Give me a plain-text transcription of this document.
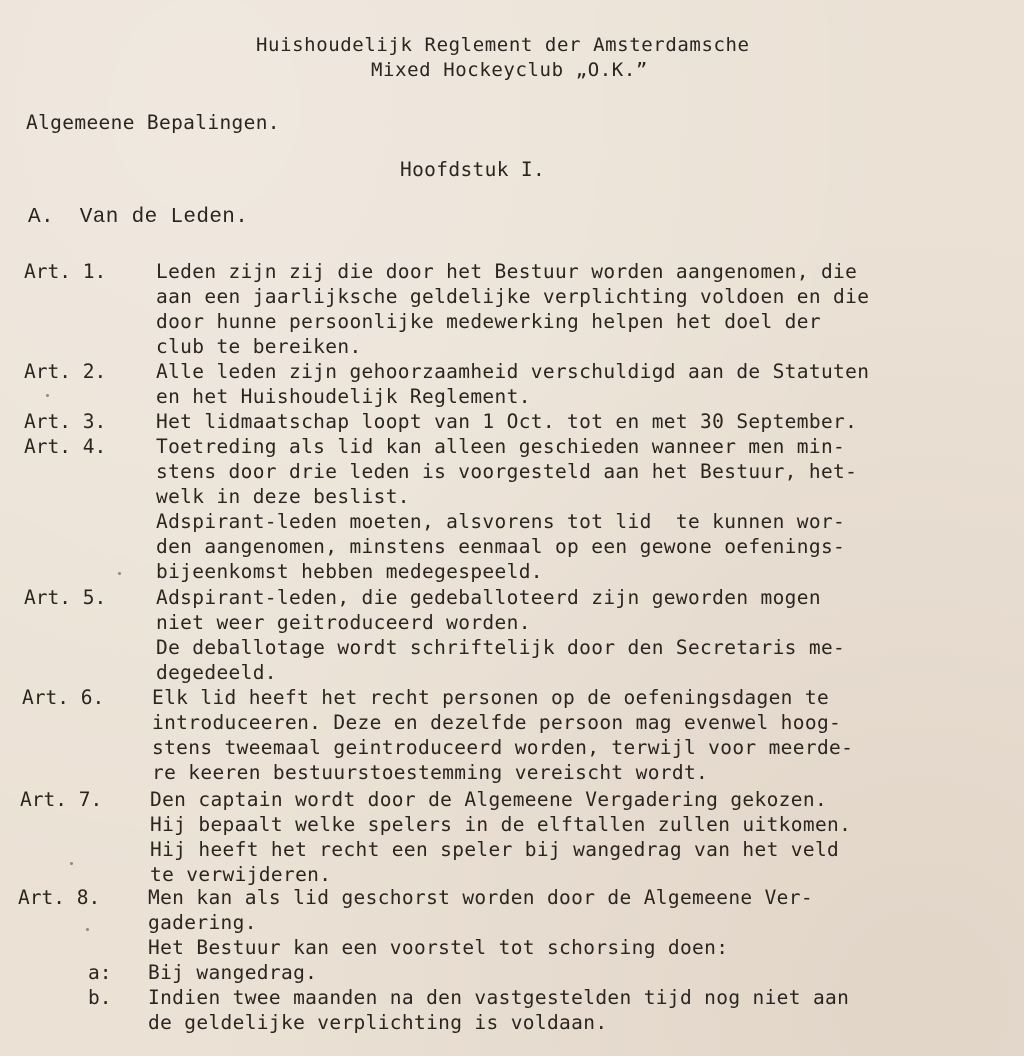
Huishoudelijk Reglement der Amsterdamsche
Mixed Hockeyclub „O.K.”
Algemeene Bepalingen.
Hoofdstuk I.
A.  Van de Leden.
Art. 1.	Leden zijn zij die door het Bestuur worden aangenomen, die
aan een jaarlijksche geldelijke verplichting voldoen en die
door hunne persoonlijke medewerking helpen het doel der
club te bereiken.
Art. 2.	Alle leden zijn gehoorzaamheid verschuldigd aan de Statuten
en het Huishoudelijk Reglement.
Art. 3.	Het lidmaatschap loopt van 1 Oct. tot en met 30 September.
Art. 4.	Toetreding als lid kan alleen geschieden wanneer men min-
stens door drie leden is voorgesteld aan het Bestuur, het-
welk in deze beslist.
Adspirant-leden moeten, alsvorens tot lid  te kunnen wor-
den aangenomen, minstens eenmaal op een gewone oefenings-
bijeenkomst hebben medegespeeld.
Art. 5.	Adspirant-leden, die gedeballoteerd zijn geworden mogen
niet weer geitroduceerd worden.
De deballotage wordt schriftelijk door den Secretaris me-
degedeeld.
Art. 6. Elk lid heeft het recht personen op de oefeningsdagen te
introduceeren. Deze en dezelfde persoon mag evenwel hoog-
stens tweemaal geintroduceerd worden, terwijl voor meerde-
re keeren bestuurstoestemming vereischt wordt.
Art. 7. Den captain wordt door de Algemeene Vergadering gekozen.
Hij bepaalt welke spelers in de elftallen zullen uitkomen.
Hij heeft het recht een speler bij wangedrag van het veld
te verwijderen.
Art. 8. Men kan als lid geschorst worden door de Algemeene Ver-
gadering.
Het Bestuur kan een voorstel tot schorsing doen:
a: Bij wangedrag.
b. Indien twee maanden na den vastgestelden tijd nog niet aan
de geldelijke verplichting is voldaan.
